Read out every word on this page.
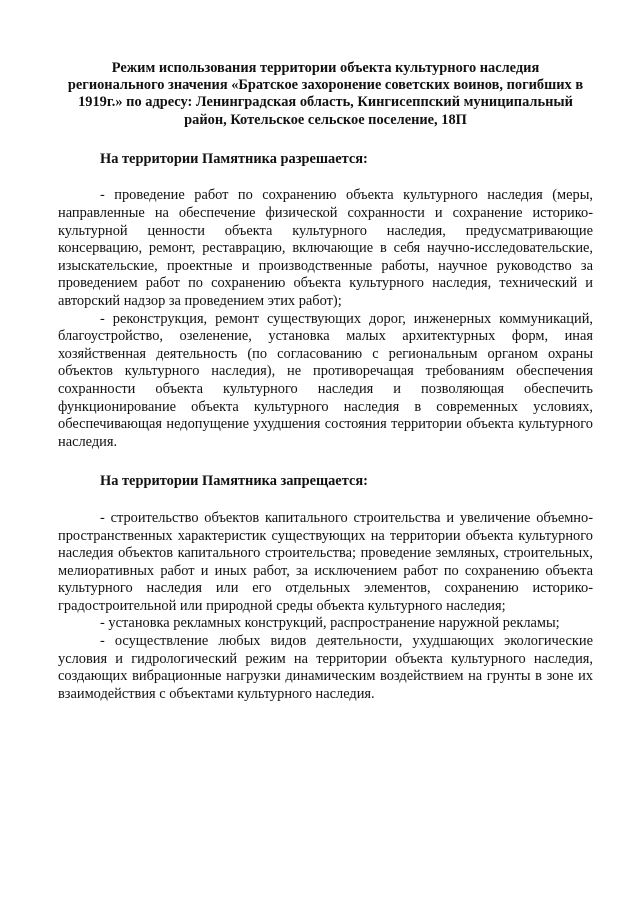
Режим использования территории объекта культурного наследия регионального значения «Братское захоронение советских воинов, погибших в 1919г.» по адресу: Ленинградская область, Кингисеппский муниципальный район, Котельское сельское поселение, 18П
На территории Памятника разрешается:

- проведение работ по сохранению объекта культурного наследия (меры, направленные на обеспечение физической сохранности и сохранение историко-культурной ценности объекта культурного наследия, предусматривающие консервацию, ремонт, реставрацию, включающие в себя научно-исследовательские, изыскательские, проектные и производственные работы, научное руководство за проведением работ по сохранению объекта культурного наследия, технический и авторский надзор за проведением этих работ);

- реконструкция, ремонт существующих дорог, инженерных коммуникаций, благоустройство, озеленение, установка малых архитектурных форм, иная хозяйственная деятельность (по согласованию с региональным органом охраны объектов культурного наследия), не противоречащая требованиям обеспечения сохранности объекта культурного наследия и позволяющая обеспечить функционирование объекта культурного наследия в современных условиях, обеспечивающая недопущение ухудшения состояния территории объекта культурного наследия.

На территории Памятника запрещается:

- строительство объектов капитального строительства и увеличение объемно-пространственных характеристик существующих на территории объекта культурного наследия объектов капитального строительства; проведение земляных, строительных, мелиоративных работ и иных работ, за исключением работ по сохранению объекта культурного наследия или его отдельных элементов, сохранению историко-градостроительной или природной среды объекта культурного наследия;

- установка рекламных конструкций, распространение наружной рекламы;

- осуществление любых видов деятельности, ухудшающих экологические условия и гидрологический режим на территории объекта культурного наследия, создающих вибрационные нагрузки динамическим воздействием на грунты в зоне их взаимодействия с объектами культурного наследия.
